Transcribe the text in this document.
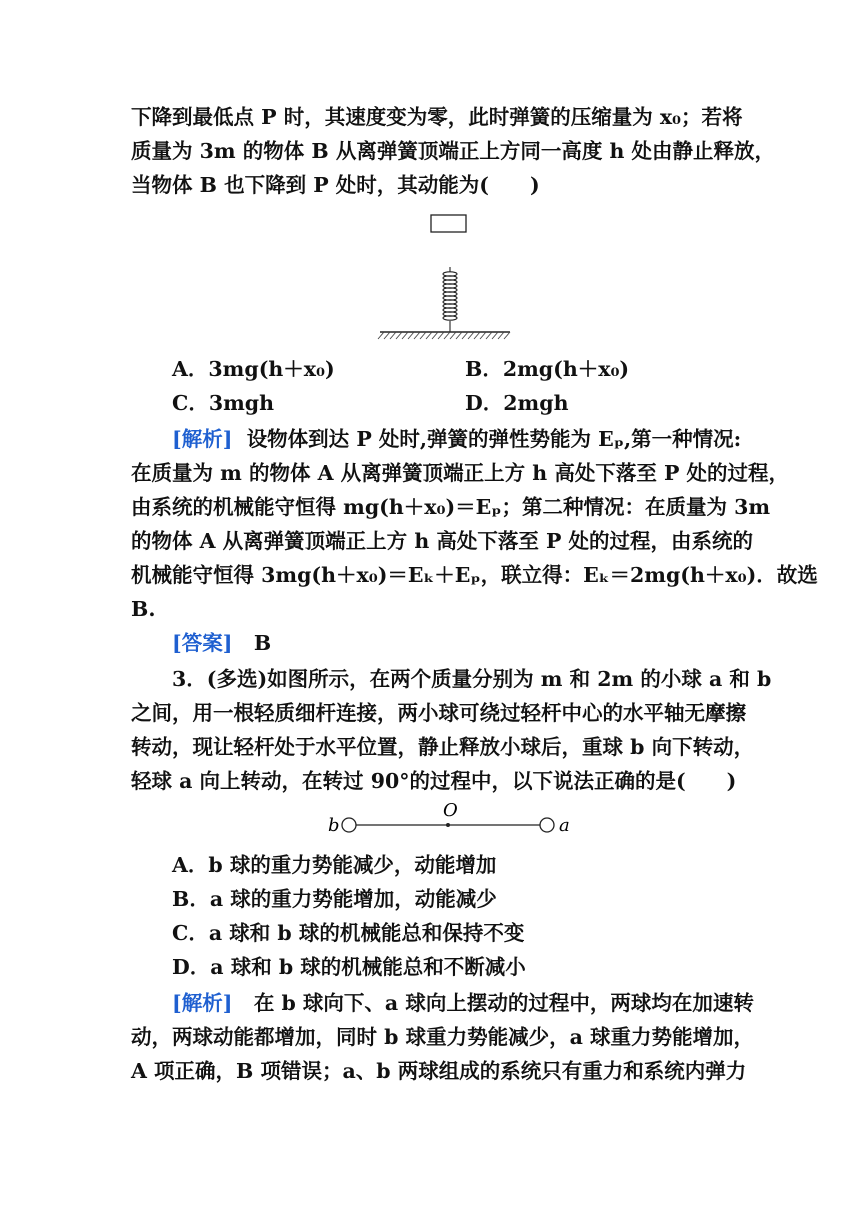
下降到最低点 P 时，其速度变为零，此时弹簧的压缩量为 x₀；若将
质量为 3m 的物体 B 从离弹簧顶端正上方同一高度 h 处由静止释放，
当物体 B 也下降到 P 处时，其动能为(　　)
A．3mg(h＋x₀)	B．2mg(h＋x₀)
C．3mgh	D．2mgh
[解析] 设物体到达 P 处时,弹簧的弹性势能为 Eₚ,第一种情况:
在质量为 m 的物体 A 从离弹簧顶端正上方 h 高处下落至 P 处的过程，
由系统的机械能守恒得 mg(h＋x₀)＝Eₚ；第二种情况：在质量为 3m
的物体 A 从离弹簧顶端正上方 h 高处下落至 P 处的过程，由系统的
机械能守恒得 3mg(h＋x₀)＝Eₖ＋Eₚ，联立得：Eₖ＝2mg(h＋x₀)．故选
B.
[答案] B
3．(多选)如图所示，在两个质量分别为 m 和 2m 的小球 a 和 b
之间，用一根轻质细杆连接，两小球可绕过轻杆中心的水平轴无摩擦
转动，现让轻杆处于水平位置，静止释放小球后，重球 b 向下转动，
轻球 a 向上转动，在转过 90°的过程中，以下说法正确的是(　　)
b
O
a
A．b 球的重力势能减少，动能增加
B．a 球的重力势能增加，动能减少
C．a 球和 b 球的机械能总和保持不变
D．a 球和 b 球的机械能总和不断减小
[解析] 在 b 球向下、a 球向上摆动的过程中，两球均在加速转
动，两球动能都增加，同时 b 球重力势能减少，a 球重力势能增加，
A 项正确，B 项错误；a、b 两球组成的系统只有重力和系统内弹力
